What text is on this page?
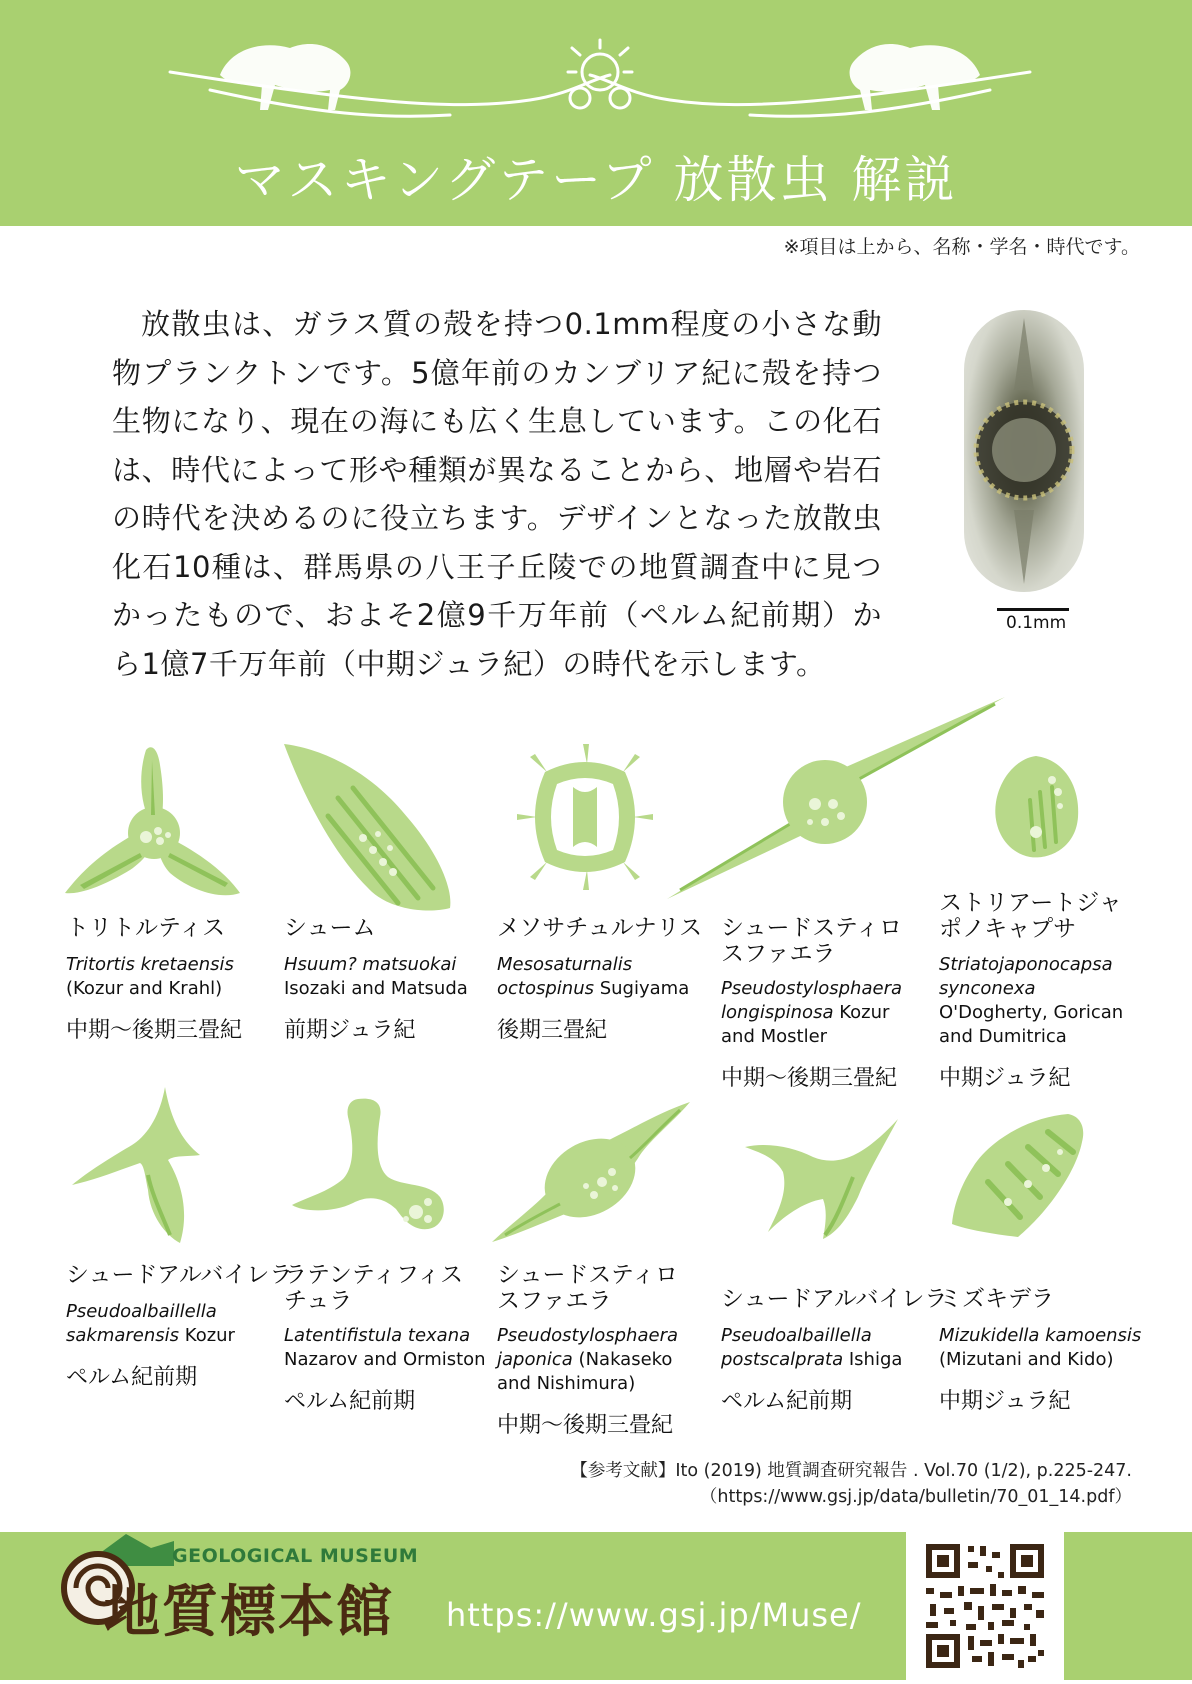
マスキングテープ 放散虫 解説
※項目は上から、名称・学名・時代です。

放散虫は、ガラス質の殻を持つ0.1mm程度の小さな動物プランクトンです。5億年前のカンブリア紀に殻を持つ生物になり、現在の海にも広く生息しています。この化石は、時代によって形や種類が異なることから、地層や岩石の時代を決めるのに役立ちます。デザインとなった放散虫化石10種は、群馬県の八王子丘陵での地質調査中に見つかったもので、およそ2億9千万年前（ペルム紀前期）から1億7千万年前（中期ジュラ紀）の時代を示します。

0.1mm
トリトルティス
Tritortis kretaensis
(Kozur and Krahl)
中期～後期三畳紀
シューム
Hsuum? matsuokai
Isozaki and Matsuda
前期ジュラ紀
メソサチュルナリス
Mesosaturnalis octospinus Sugiyama
後期三畳紀
シュードスティロスファエラ
Pseudostylosphaera longispinosa Kozur and Mostler
中期～後期三畳紀
ストリアートジャポノキャプサ
Striatojaponocapsa synconexa O'Dogherty, Gorican and Dumitrica
中期ジュラ紀
シュードアルバイレラ
Pseudoalbaillella sakmarensis Kozur
ペルム紀前期
ラテンティフィスチュラ
Latentifistula texana
Nazarov and Ormiston
ペルム紀前期
シュードスティロスファエラ
Pseudostylosphaera japonica (Nakaseko and Nishimura)
中期～後期三畳紀
シュードアルバイレラ
Pseudoalbaillella postscalprata Ishiga
ペルム紀前期
ミズキデラ
Mizukidella kamoensis
(Mizutani and Kido)
中期ジュラ紀
【参考文献】Ito (2019) 地質調査研究報告 . Vol.70 (1/2), p.225-247.
（https://www.gsj.jp/data/bulletin/70_01_14.pdf）
GEOLOGICAL MUSEUM
地質標本館 https://www.gsj.jp/Muse/
